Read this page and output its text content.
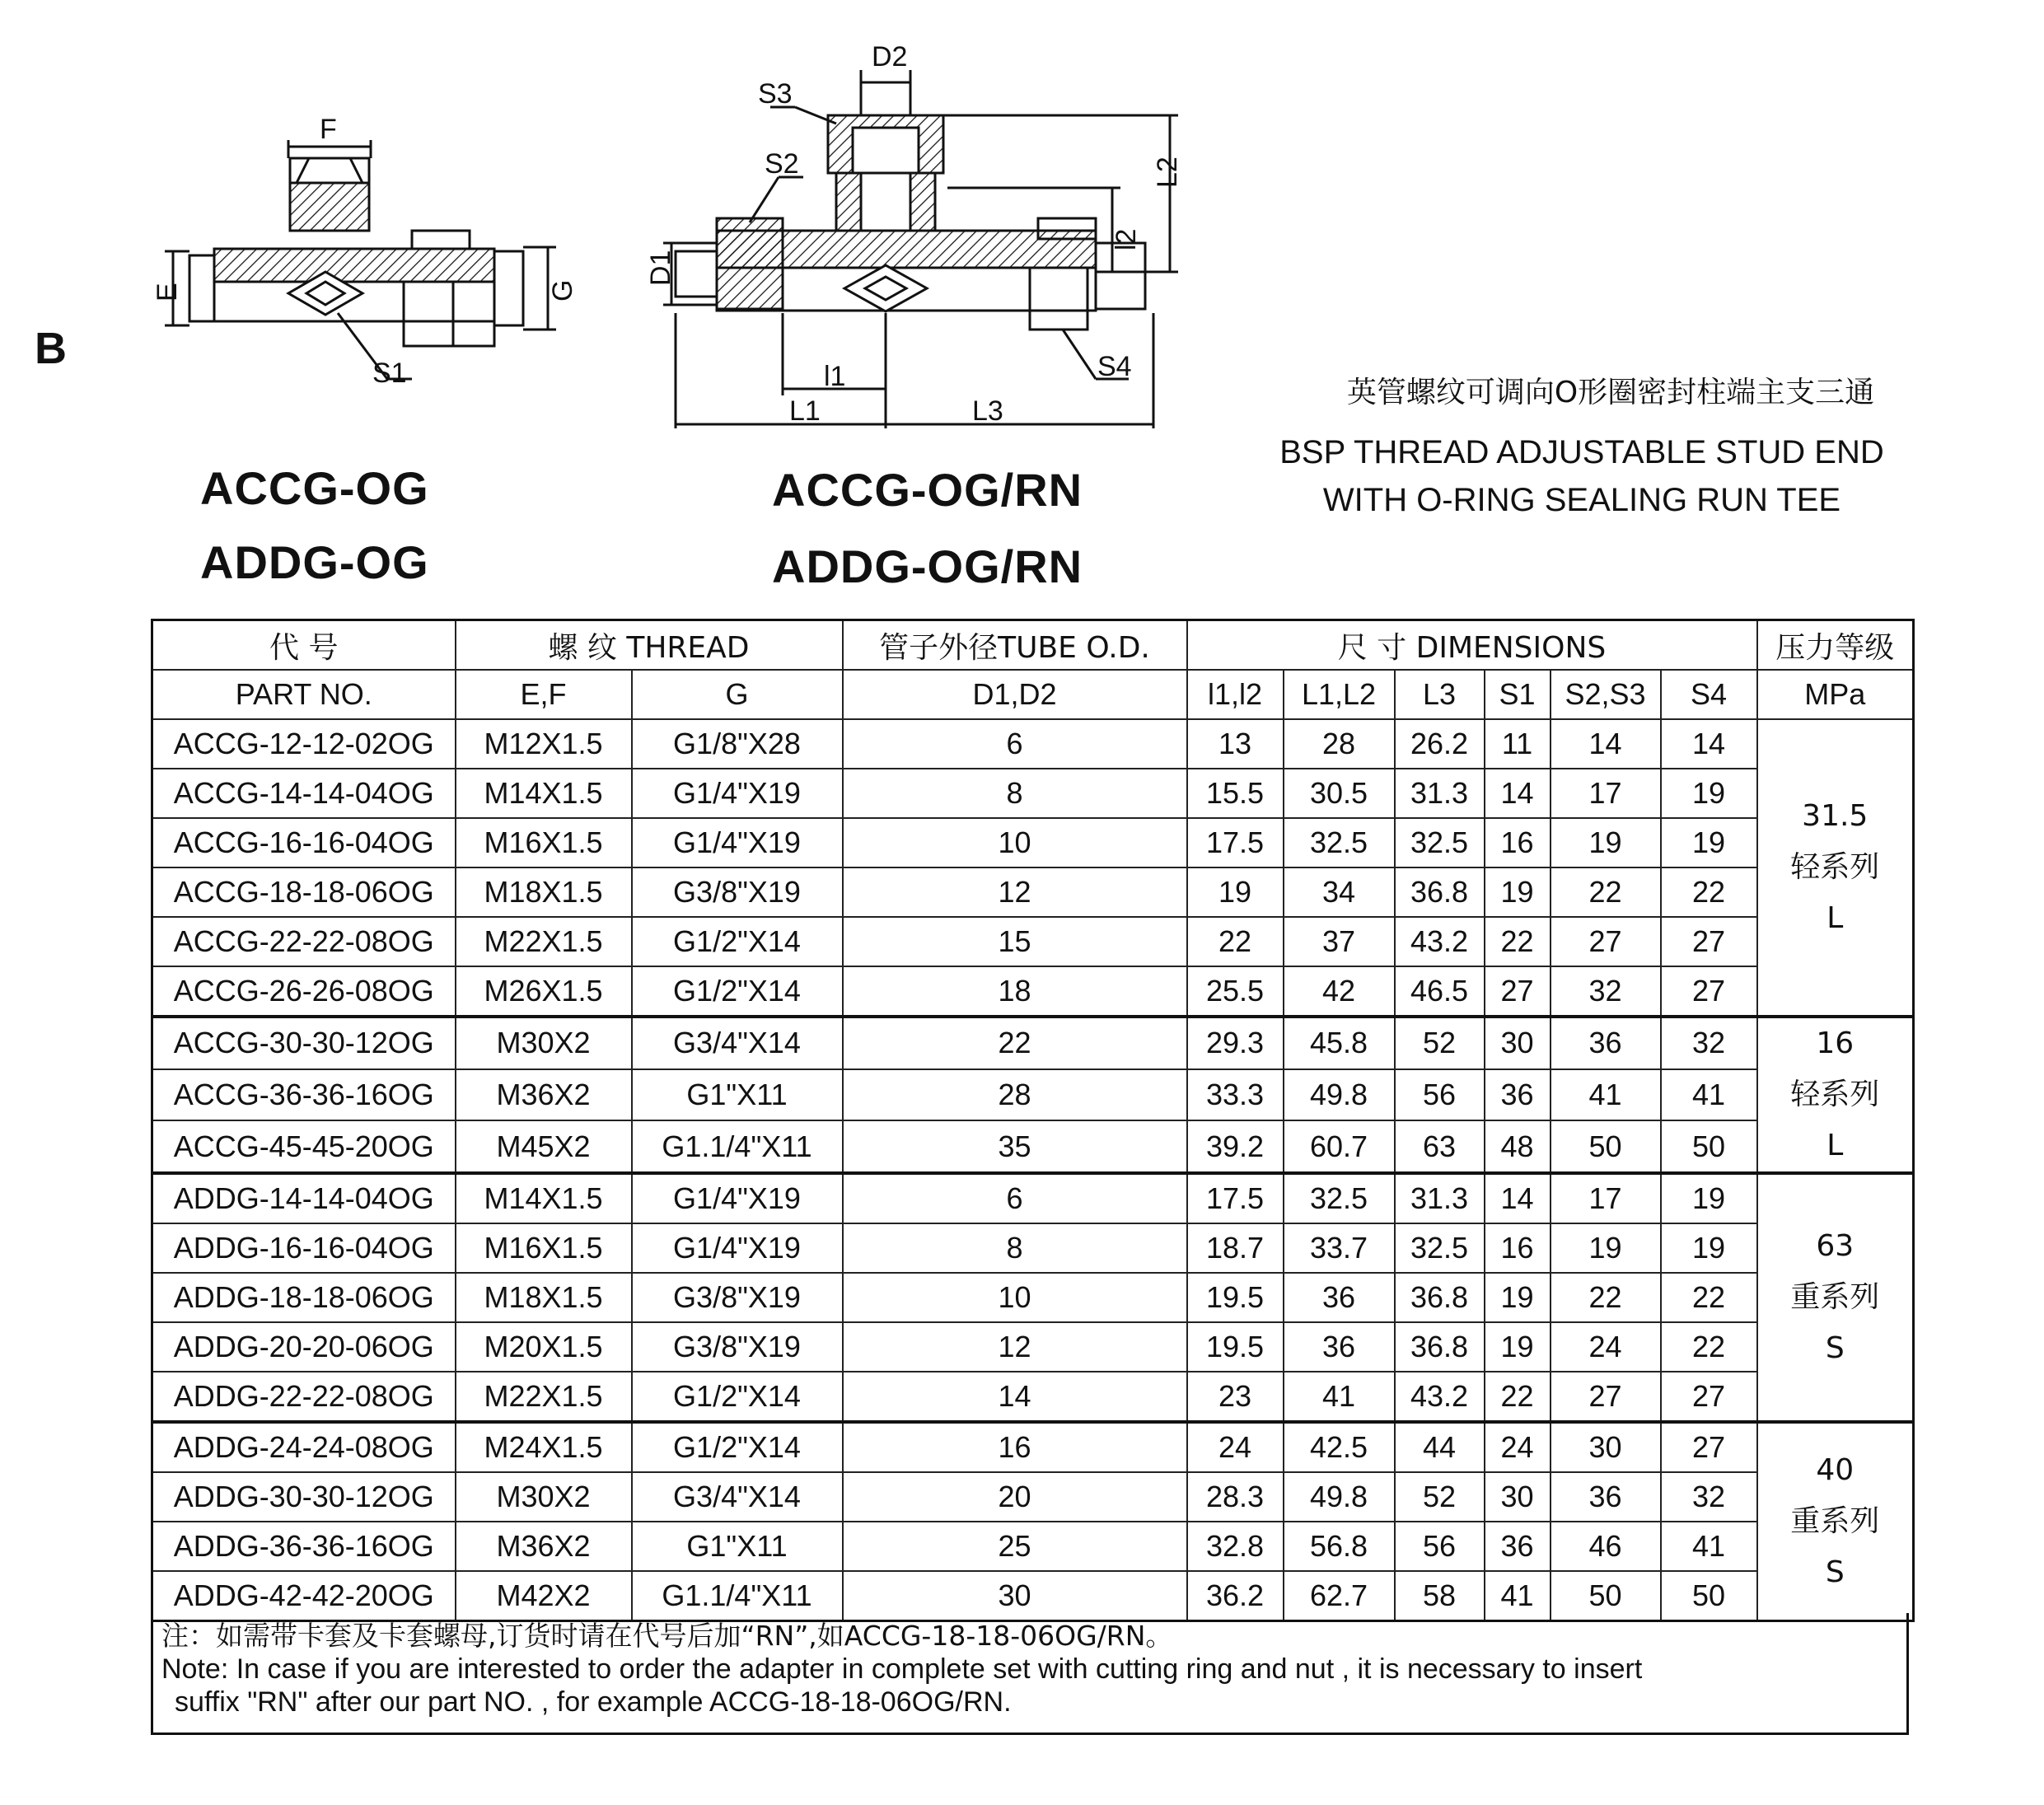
B
F
E	G
S1
D2
S3
S2
D1
l2
L2
l1
L1	L3
S4
ACCG-OG
ADDG-OG
ACCG-OG/RN
ADDG-OG/RN
英管螺纹可调向O形圈密封柱端主支三通
BSP THREAD ADJUSTABLE STUD END
WITH O-RING SEALING RUN TEE
代 号	螺 纹 THREAD		管子外径TUBE O.D.	尺 寸 DIMENSIONS						压力等级
PART NO.	E,F	G	D1,D2	l1,l2	L1,L2	L3	S1	S2,S3	S4	MPa
ACCG-12-12-02OG	M12X1.5	G1/8"X28	6	13	28	26.2	11	14	14	31.5
轻系列
L

ACCG-14-14-04OG	M14X1.5	G1/4"X19	8	15.5	30.5	31.3	14	17	19	
ACCG-16-16-04OG	M16X1.5	G1/4"X19	10	17.5	32.5	32.5	16	19	19	
ACCG-18-18-06OG	M18X1.5	G3/8"X19	12	19	34	36.8	19	22	22	
ACCG-22-22-08OG	M22X1.5	G1/2"X14	15	22	37	43.2	22	27	27	
ACCG-26-26-08OG	M26X1.5	G1/2"X14	18	25.5	42	46.5	27	32	27	
ACCG-30-30-12OG	M30X2	G3/4"X14	22	29.3	45.8	52	30	36	32	16
轻系列
L

ACCG-36-36-16OG	M36X2	G1"X11	28	33.3	49.8	56	36	41	41	
ACCG-45-45-20OG	M45X2	G1.1/4"X11	35	39.2	60.7	63	48	50	50	
ADDG-14-14-04OG	M14X1.5	G1/4"X19	6	17.5	32.5	31.3	14	17	19	63
重系列
S

ADDG-16-16-04OG	M16X1.5	G1/4"X19	8	18.7	33.7	32.5	16	19	19	
ADDG-18-18-06OG	M18X1.5	G3/8"X19	10	19.5	36	36.8	19	22	22	
ADDG-20-20-06OG	M20X1.5	G3/8"X19	12	19.5	36	36.8	19	24	22	
ADDG-22-22-08OG	M22X1.5	G1/2"X14	14	23	41	43.2	22	27	27	
ADDG-24-24-08OG	M24X1.5	G1/2"X14	16	24	42.5	44	24	30	27	40
重系列
S

ADDG-30-30-12OG	M30X2	G3/4"X14	20	28.3	49.8	52	30	36	32	
ADDG-36-36-16OG	M36X2	G1"X11	25	32.8	56.8	56	36	46	41	
ADDG-42-42-20OG	M42X2	G1.1/4"X11	30	36.2	62.7	58	41	50	50	
注：如需带卡套及卡套螺母,订货时请在代号后加“RN”,如ACCG-18-18-06OG/RN。
Note: In case if you are interested to order the adapter in complete set with cutting ring and nut , it is necessary to insert
suffix "RN" after our part NO. , for example ACCG-18-18-06OG/RN.
